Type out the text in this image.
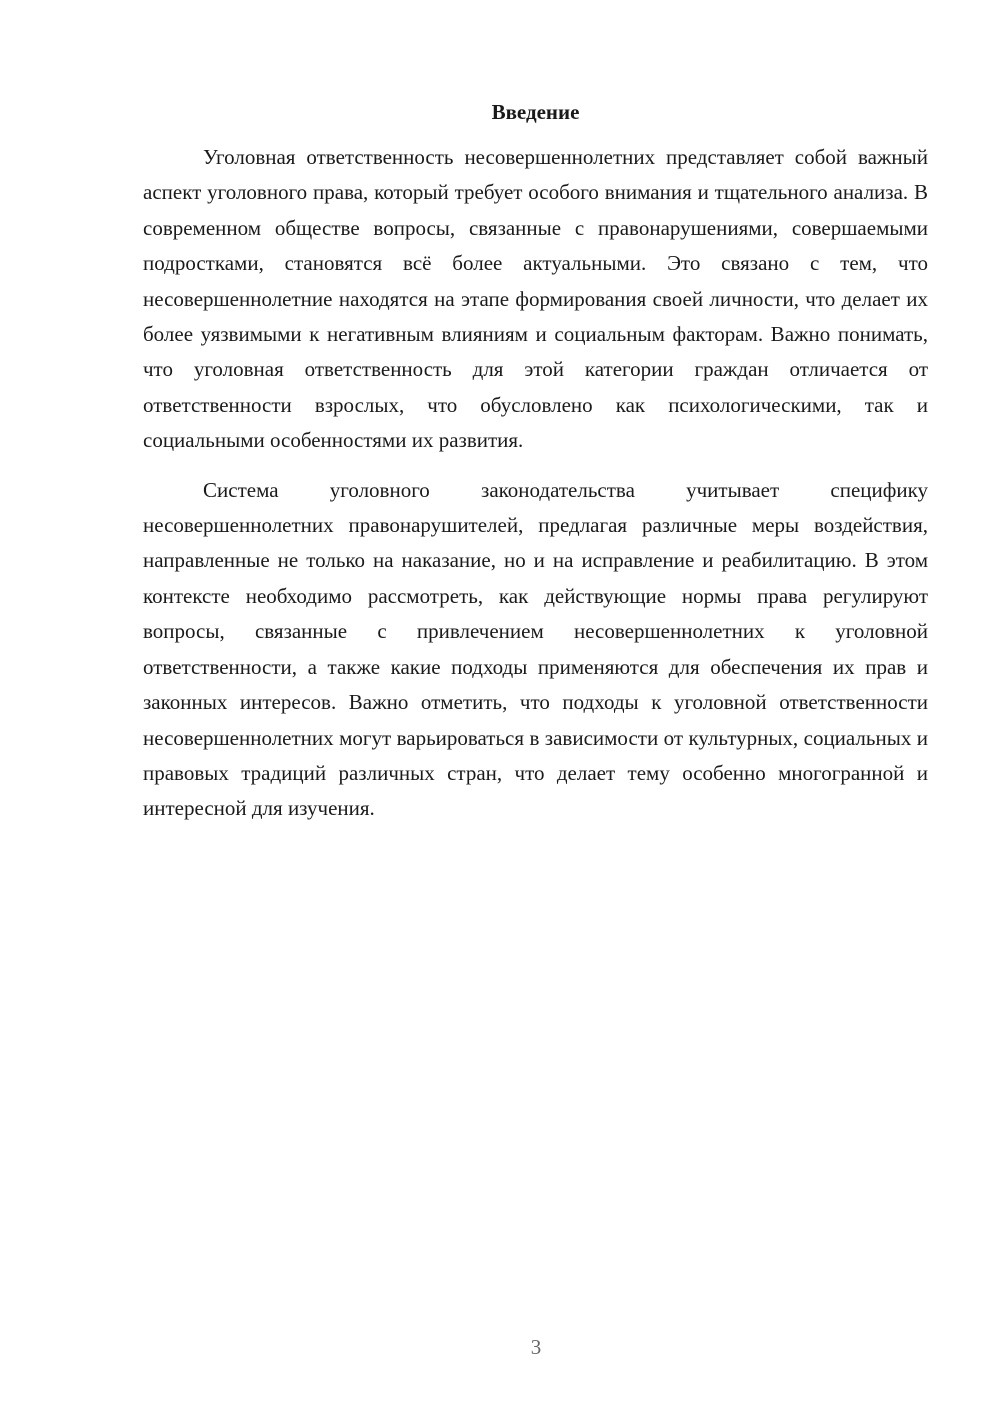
Введение

Уголовная ответственность несовершеннолетних представляет собой важный аспект уголовного права, который требует особого внимания и тщательного анализа. В современном обществе вопросы, связанные с правонарушениями, совершаемыми подростками, становятся всё более актуальными. Это связано с тем, что несовершеннолетние находятся на этапе формирования своей личности, что делает их более уязвимыми к негативным влияниям и социальным факторам. Важно понимать, что уголовная ответственность для этой категории граждан отличается от ответственности взрослых, что обусловлено как психологическими, так и социальными особенностями их развития.

Система уголовного законодательства учитывает специфику несовершеннолетних правонарушителей, предлагая различные меры воздействия, направленные не только на наказание, но и на исправление и реабилитацию. В этом контексте необходимо рассмотреть, как действующие нормы права регулируют вопросы, связанные с привлечением несовершеннолетних к уголовной ответственности, а также какие подходы применяются для обеспечения их прав и законных интересов. Важно отметить, что подходы к уголовной ответственности несовершеннолетних могут варьироваться в зависимости от культурных, социальных и правовых традиций различных стран, что делает тему особенно многогранной и интересной для изучения.

3
